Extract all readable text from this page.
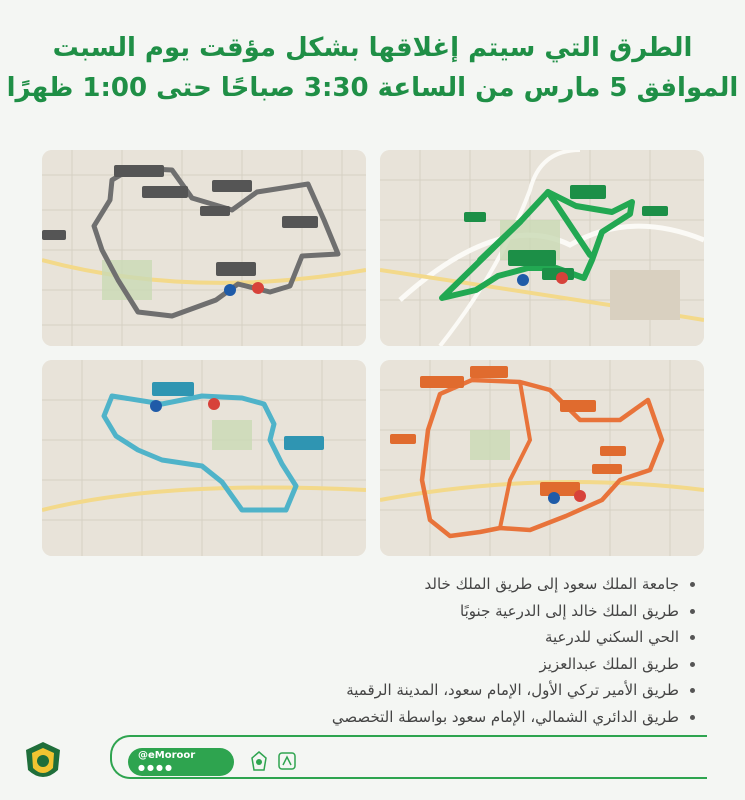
الطرق التي سيتم إغلاقها بشكل مؤقت يوم السبت
الموافق 5 مارس من الساعة 3:30 صباحًا حتى 1:00 ظهرًا
جامعة الملك سعود إلى طريق الملك خالد
طريق الملك خالد إلى الدرعية جنوبًا
الحي السكني للدرعية
طريق الملك عبدالعزيز
طريق الأمير تركي الأول، الإمام سعود، المدينة الرقمية
طريق الدائري الشمالي، الإمام سعود بواسطة التخصصي
@eMoroor
●●●●
